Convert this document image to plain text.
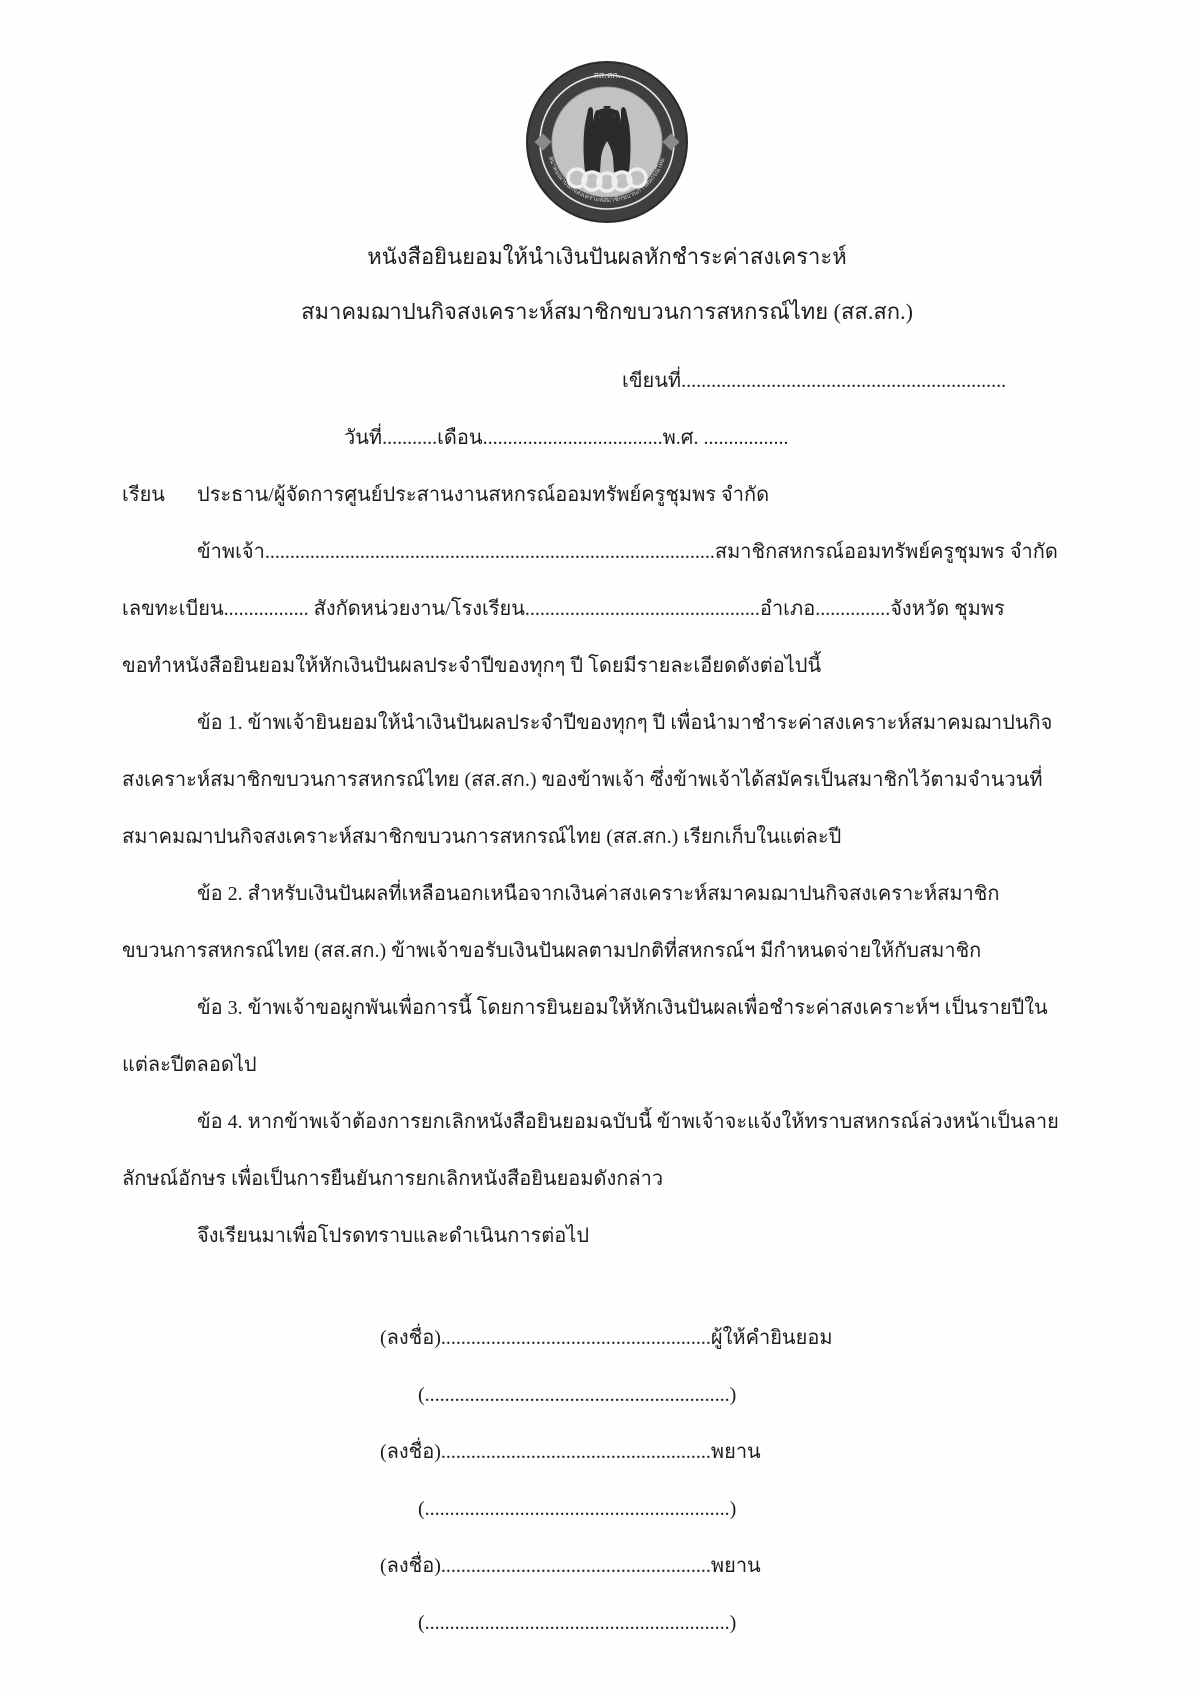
สส.สก.
สมาคมฌาปนกิจสงเคราะห์สมาชิกขบวนการสหกรณ์ไทย
หนังสือยินยอมให้นำเงินปันผลหักชำระค่าสงเคราะห์
สมาคมฌาปนกิจสงเคราะห์สมาชิกขบวนการสหกรณ์ไทย (สส.สก.)
เขียนที่.................................................................
วันที่...........เดือน....................................พ.ศ. .................
เรียน	ประธาน/ผู้จัดการศูนย์ประสานงานสหกรณ์ออมทรัพย์ครูชุมพร จำกัด
ข้าพเจ้า..........................................................................................สมาชิกสหกรณ์ออมทรัพย์ครูชุมพร จำกัด
เลขทะเบียน................. สังกัดหน่วยงาน/โรงเรียน...............................................อำเภอ...............จังหวัด ชุมพร
ขอทำหนังสือยินยอมให้หักเงินปันผลประจำปีของทุกๆ ปี โดยมีรายละเอียดดังต่อไปนี้
ข้อ 1. ข้าพเจ้ายินยอมให้นำเงินปันผลประจำปีของทุกๆ ปี เพื่อนำมาชำระค่าสงเคราะห์สมาคมฌาปนกิจ
สงเคราะห์สมาชิกขบวนการสหกรณ์ไทย (สส.สก.) ของข้าพเจ้า ซึ่งข้าพเจ้าได้สมัครเป็นสมาชิกไว้ตามจำนวนที่
สมาคมฌาปนกิจสงเคราะห์สมาชิกขบวนการสหกรณ์ไทย (สส.สก.) เรียกเก็บในแต่ละปี
ข้อ 2. สำหรับเงินปันผลที่เหลือนอกเหนือจากเงินค่าสงเคราะห์สมาคมฌาปนกิจสงเคราะห์สมาชิก
ขบวนการสหกรณ์ไทย (สส.สก.) ข้าพเจ้าขอรับเงินปันผลตามปกติที่สหกรณ์ฯ มีกำหนดจ่ายให้กับสมาชิก
ข้อ 3. ข้าพเจ้าขอผูกพันเพื่อการนี้ โดยการยินยอมให้หักเงินปันผลเพื่อชำระค่าสงเคราะห์ฯ เป็นรายปีใน
แต่ละปีตลอดไป
ข้อ 4. หากข้าพเจ้าต้องการยกเลิกหนังสือยินยอมฉบับนี้ ข้าพเจ้าจะแจ้งให้ทราบสหกรณ์ล่วงหน้าเป็นลาย
ลักษณ์อักษร เพื่อเป็นการยืนยันการยกเลิกหนังสือยินยอมดังกล่าว
จึงเรียนมาเพื่อโปรดทราบและดำเนินการต่อไป
(ลงชื่อ)......................................................ผู้ให้คำยินยอม
(.............................................................)
(ลงชื่อ)......................................................พยาน
(.............................................................)
(ลงชื่อ)......................................................พยาน
(.............................................................)
